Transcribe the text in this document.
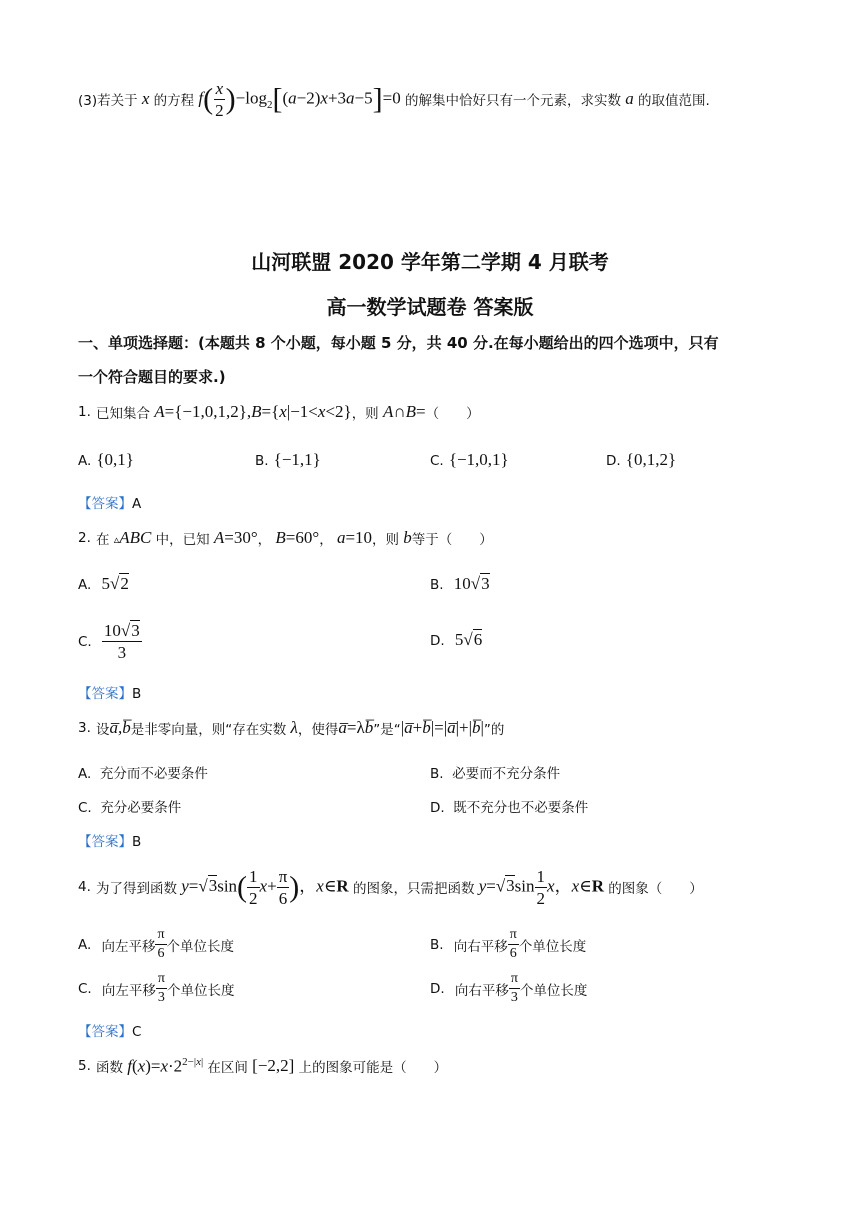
(3)若关于 x 的方程 $f( \frac{x}{2} )-\log_2[(a-2)x+3a-5]=0$ 的解集中恰好只有一个元素，求实数 a 的取值范围.
山河联盟 2020 学年第二学期 4 月联考
高一数学试题卷 答案版
一、单项选择题：(本题共 8 个小题，每小题 5 分，共 40 分.在每小题给出的四个选项中，只有
一个符合题目的要求.)
1.
已知集合 A={−1,0,1,2},B={x|−1<x<2} ，则 A∩B= （　　）
A. {0,1}	B. {−1,1}	C. {−1,0,1}	D. {0,1,2}
【答案】A
2.
在 ▵ABC 中，已知 A=30° ， B=60° ， a=10 ，则 b 等于（　　）
A. 5√2	B. 10√3
C.
$\frac{10√3}{3}$	D. 5√6
【答案】B
3.
设 a̅,b̅ 是非零向量，则“存在实数 λ ，使得 a̅=λb̅ ”是“ |a̅+b̅|=|a̅|+|b̅| ”的
A. 充分而不必要条件	B. 必要而不充分条件
C. 充分必要条件	D. 既不充分也不必要条件
【答案】B
4.
为了得到函数 $y=√3\sin( \frac{1}{2} x+ \frac{\pi}{6}$ )，x∈R 的图象，只需把函数 $y=√3\sin \frac{1}{2}$ x，x∈R 的图象（　　）
A.
向左平移 $\frac{\pi}{6}$ 个单位长度	B.
向右平移 $\frac{\pi}{6}$ 个单位长度
C.
向左平移 $\frac{\pi}{3}$ 个单位长度	D.
向右平移 $\frac{\pi}{3}$ 个单位长度
【答案】C
5.
函数 $f(x)=x\cdot 2^{2-|x|}$ 在区间 [−2,2] 上的图象可能是（　　）
